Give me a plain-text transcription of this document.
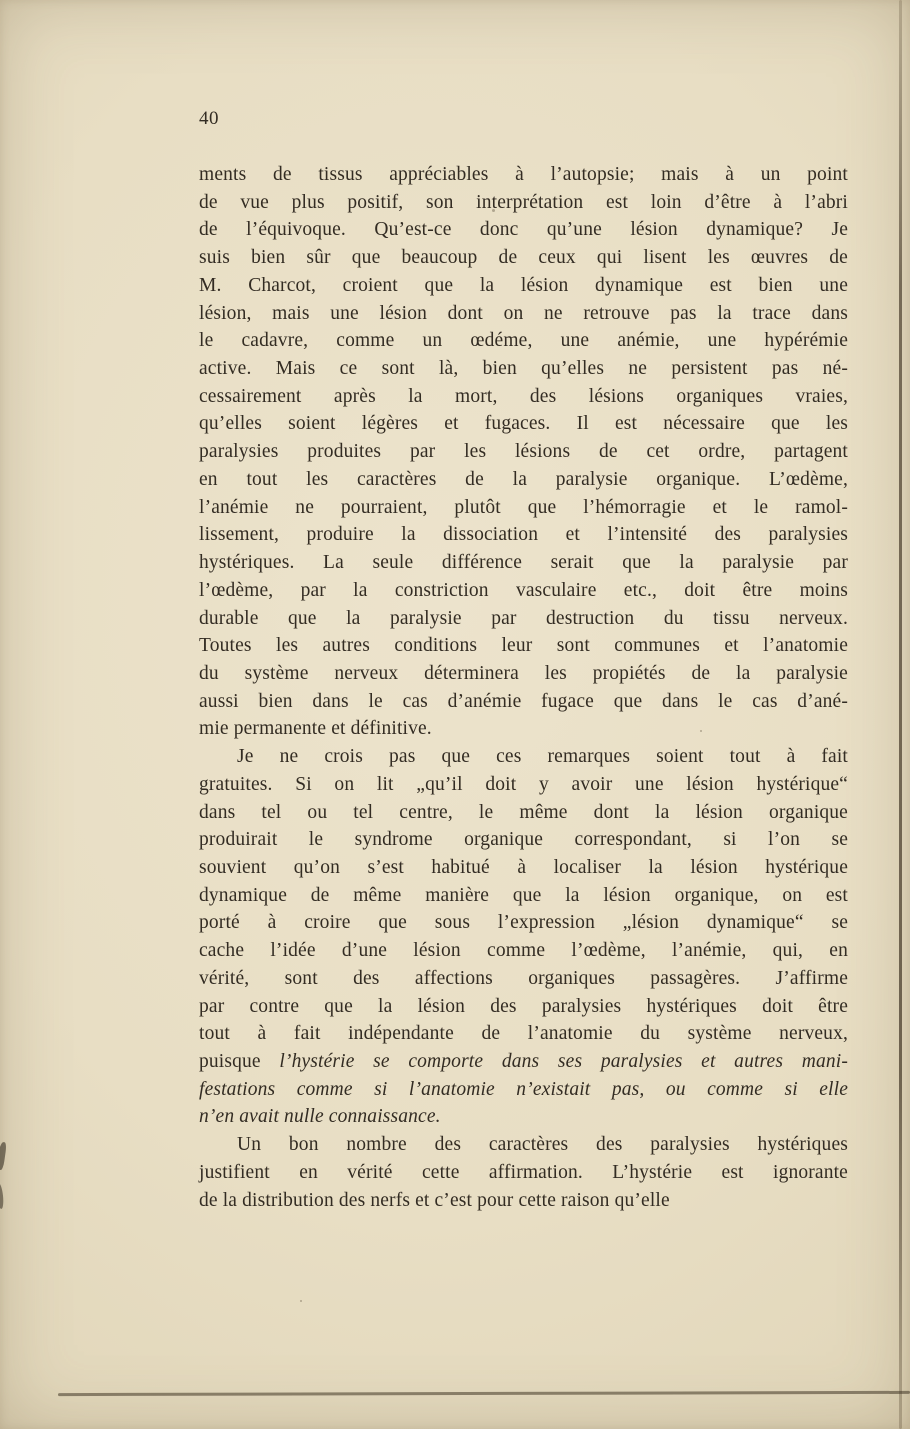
40
ments de tissus appréciables à l’autopsie; mais à un point
de vue plus positif, son interprétation est loin d’être à l’abri
de l’équivoque. Qu’est-ce donc qu’une lésion dynamique? Je
suis bien sûr que beaucoup de ceux qui lisent les œuvres de
M. Charcot, croient que la lésion dynamique est bien une
lésion, mais une lésion dont on ne retrouve pas la trace dans
le cadavre, comme un œdéme, une anémie, une hypérémie
active. Mais ce sont là, bien qu’elles ne persistent pas né-
cessairement après la mort, des lésions organiques vraies,
qu’elles soient légères et fugaces. Il est nécessaire que les
paralysies produites par les lésions de cet ordre, partagent
en tout les caractères de la paralysie organique. L’œdème,
l’anémie ne pourraient, plutôt que l’hémorragie et le ramol-
lissement, produire la dissociation et l’intensité des paralysies
hystériques. La seule différence serait que la paralysie par
l’œdème, par la constriction vasculaire etc., doit être moins
durable que la paralysie par destruction du tissu nerveux.
Toutes les autres conditions leur sont communes et l’anatomie
du système nerveux déterminera les propiétés de la paralysie
aussi bien dans le cas d’anémie fugace que dans le cas d’ané-
mie permanente et définitive.
Je ne crois pas que ces remarques soient tout à fait
gratuites. Si on lit „qu’il doit y avoir une lésion hystérique“
dans tel ou tel centre, le même dont la lésion organique
produirait le syndrome organique correspondant, si l’on se
souvient qu’on s’est habitué à localiser la lésion hystérique
dynamique de même manière que la lésion organique, on est
porté à croire que sous l’expression „lésion dynamique“ se
cache l’idée d’une lésion comme l’œdème, l’anémie, qui, en
vérité, sont des affections organiques passagères. J’affirme
par contre que la lésion des paralysies hystériques doit être
tout à fait indépendante de l’anatomie du système nerveux,
puisque l’hystérie se comporte dans ses paralysies et autres mani-
festations comme si l’anatomie n’existait pas, ou comme si elle
n’en avait nulle connaissance.
Un bon nombre des caractères des paralysies hystériques
justifient en vérité cette affirmation. L’hystérie est ignorante
de la distribution des nerfs et c’est pour cette raison qu’elle
